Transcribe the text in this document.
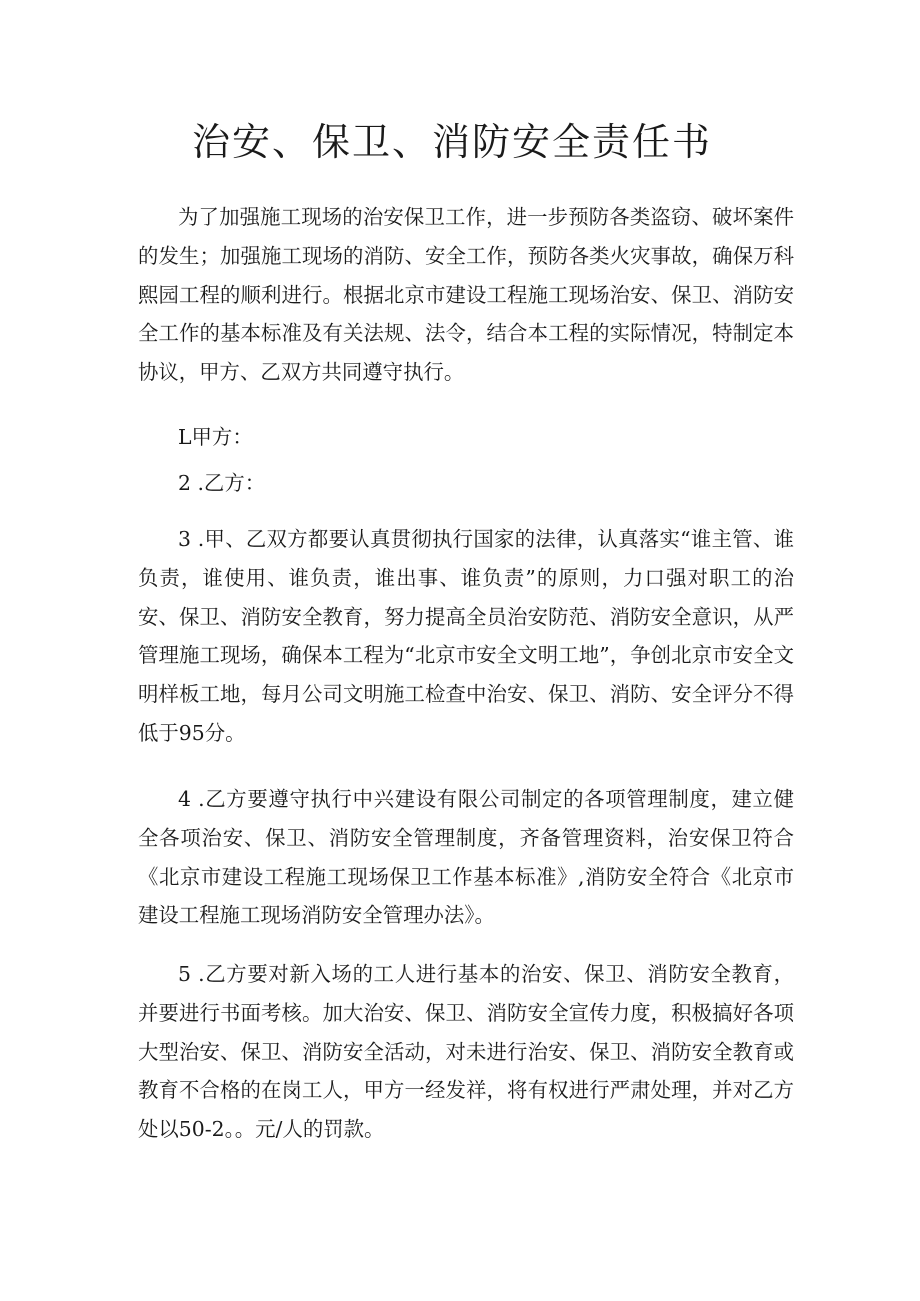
治安、保卫、消防安全责任书

为了加强施工现场的治安保卫工作，进一步预防各类盗窃、破坏案件的发生；加强施工现场的消防、安全工作，预防各类火灾事故，确保万科熙园工程的顺利进行。根据北京市建设工程施工现场治安、保卫、消防安全工作的基本标准及有关法规、法令，结合本工程的实际情况，特制定本协议，甲方、乙双方共同遵守执行。

L甲方：

2 .乙方：

3 .甲、乙双方都要认真贯彻执行国家的法律，认真落实“谁主管、谁负责，谁使用、谁负责，谁出事、谁负责”的原则，力口强对职工的治安、保卫、消防安全教育，努力提高全员治安防范、消防安全意识，从严管理施工现场，确保本工程为“北京市安全文明工地”，争创北京市安全文明样板工地，每月公司文明施工检查中治安、保卫、消防、安全评分不得低于95分。

4 .乙方要遵守执行中兴建设有限公司制定的各项管理制度，建立健全各项治安、保卫、消防安全管理制度，齐备管理资料，治安保卫符合《北京市建设工程施工现场保卫工作基本标准》,消防安全符合《北京市建设工程施工现场消防安全管理办法》。

5 .乙方要对新入场的工人进行基本的治安、保卫、消防安全教育，并要进行书面考核。加大治安、保卫、消防安全宣传力度，积极搞好各项大型治安、保卫、消防安全活动，对未进行治安、保卫、消防安全教育或教育不合格的在岗工人，甲方一经发祥，将有权进行严肃处理，并对乙方处以50-2。。元/人的罚款。
